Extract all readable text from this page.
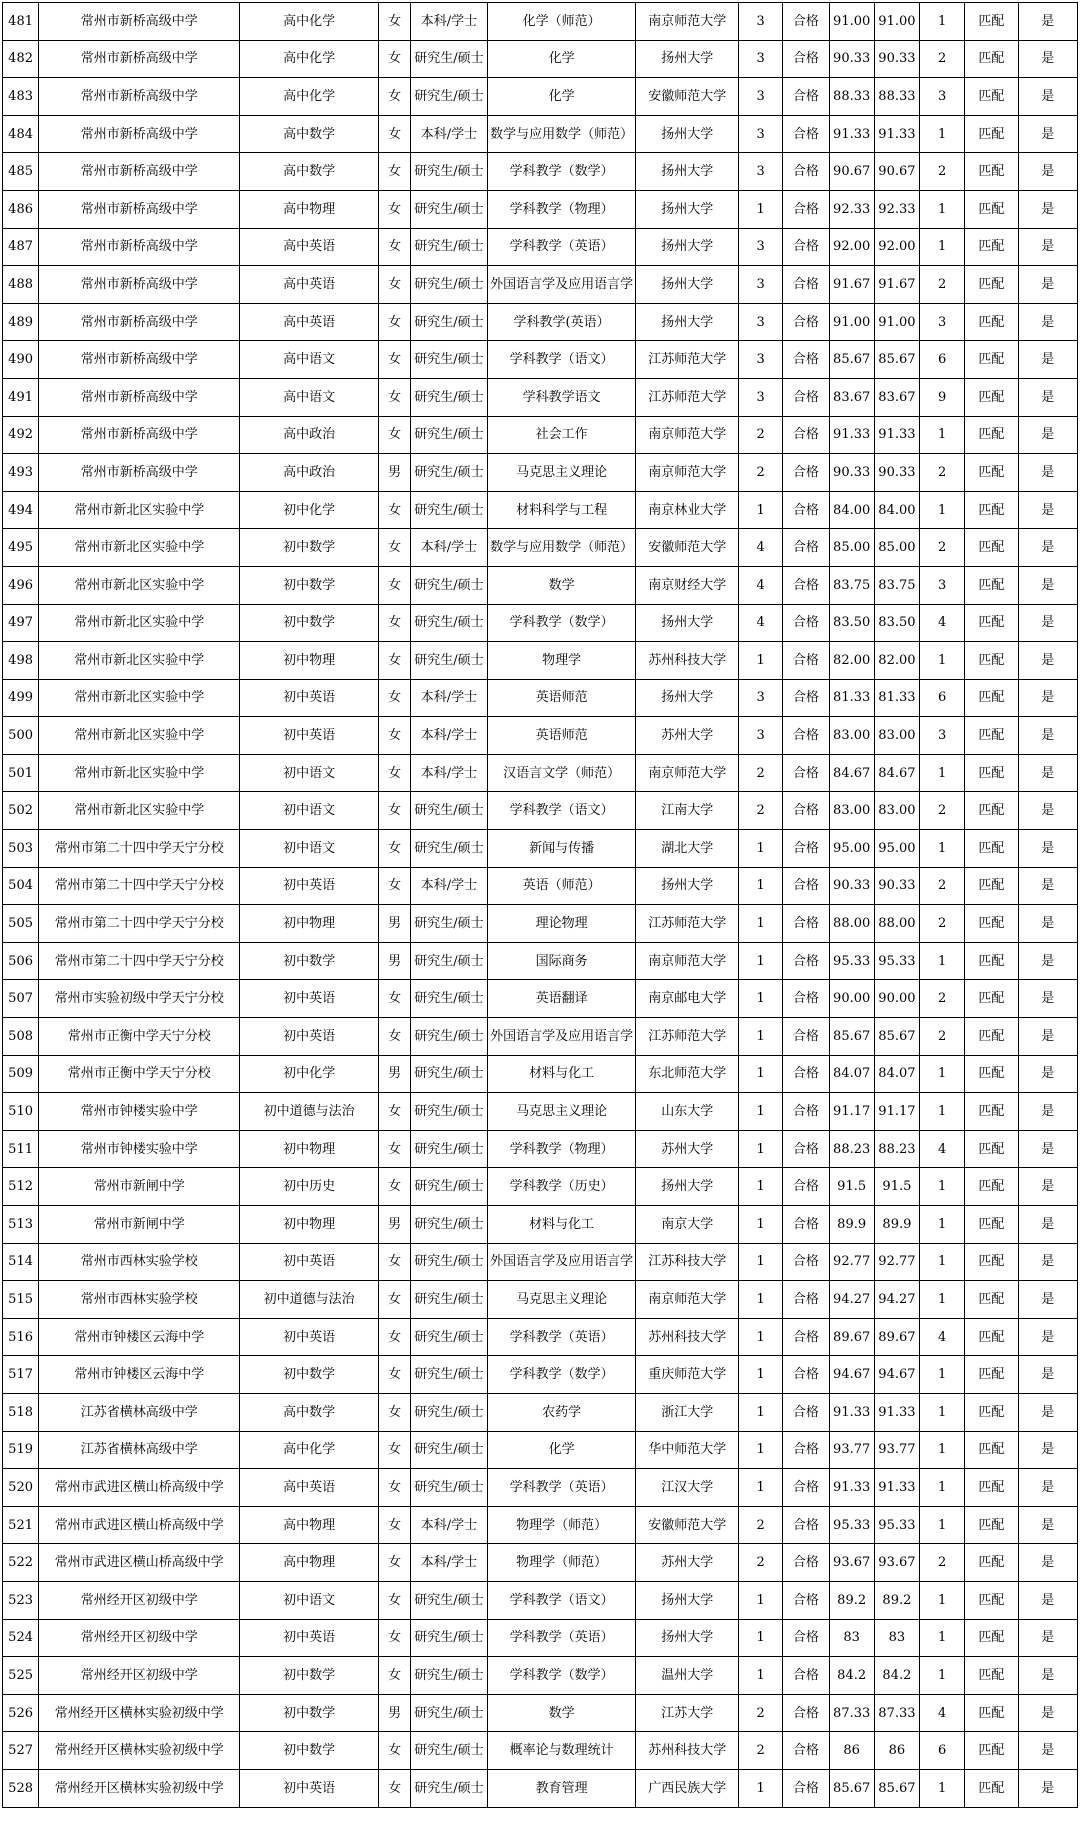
481	常州市新桥高级中学	高中化学	女	本科/学士	化学（师范）	南京师范大学	3	合格	91.00	91.00	1	匹配	是
482	常州市新桥高级中学	高中化学	女	研究生/硕士	化学	扬州大学	3	合格	90.33	90.33	2	匹配	是
483	常州市新桥高级中学	高中化学	女	研究生/硕士	化学	安徽师范大学	3	合格	88.33	88.33	3	匹配	是
484	常州市新桥高级中学	高中数学	女	本科/学士	数学与应用数学（师范）	扬州大学	3	合格	91.33	91.33	1	匹配	是
485	常州市新桥高级中学	高中数学	女	研究生/硕士	学科教学（数学）	扬州大学	3	合格	90.67	90.67	2	匹配	是
486	常州市新桥高级中学	高中物理	女	研究生/硕士	学科教学（物理）	扬州大学	1	合格	92.33	92.33	1	匹配	是
487	常州市新桥高级中学	高中英语	女	研究生/硕士	学科教学（英语）	扬州大学	3	合格	92.00	92.00	1	匹配	是
488	常州市新桥高级中学	高中英语	女	研究生/硕士	外国语言学及应用语言学	扬州大学	3	合格	91.67	91.67	2	匹配	是
489	常州市新桥高级中学	高中英语	女	研究生/硕士	学科教学(英语）	扬州大学	3	合格	91.00	91.00	3	匹配	是
490	常州市新桥高级中学	高中语文	女	研究生/硕士	学科教学（语文）	江苏师范大学	3	合格	85.67	85.67	6	匹配	是
491	常州市新桥高级中学	高中语文	女	研究生/硕士	学科教学语文	江苏师范大学	3	合格	83.67	83.67	9	匹配	是
492	常州市新桥高级中学	高中政治	女	研究生/硕士	社会工作	南京师范大学	2	合格	91.33	91.33	1	匹配	是
493	常州市新桥高级中学	高中政治	男	研究生/硕士	马克思主义理论	南京师范大学	2	合格	90.33	90.33	2	匹配	是
494	常州市新北区实验中学	初中化学	女	研究生/硕士	材料科学与工程	南京林业大学	1	合格	84.00	84.00	1	匹配	是
495	常州市新北区实验中学	初中数学	女	本科/学士	数学与应用数学（师范）	安徽师范大学	4	合格	85.00	85.00	2	匹配	是
496	常州市新北区实验中学	初中数学	女	研究生/硕士	数学	南京财经大学	4	合格	83.75	83.75	3	匹配	是
497	常州市新北区实验中学	初中数学	女	研究生/硕士	学科教学（数学）	扬州大学	4	合格	83.50	83.50	4	匹配	是
498	常州市新北区实验中学	初中物理	女	研究生/硕士	物理学	苏州科技大学	1	合格	82.00	82.00	1	匹配	是
499	常州市新北区实验中学	初中英语	女	本科/学士	英语师范	扬州大学	3	合格	81.33	81.33	6	匹配	是
500	常州市新北区实验中学	初中英语	女	本科/学士	英语师范	苏州大学	3	合格	83.00	83.00	3	匹配	是
501	常州市新北区实验中学	初中语文	女	本科/学士	汉语言文学（师范）	南京师范大学	2	合格	84.67	84.67	1	匹配	是
502	常州市新北区实验中学	初中语文	女	研究生/硕士	学科教学（语文）	江南大学	2	合格	83.00	83.00	2	匹配	是
503	常州市第二十四中学天宁分校	初中语文	女	研究生/硕士	新闻与传播	湖北大学	1	合格	95.00	95.00	1	匹配	是
504	常州市第二十四中学天宁分校	初中英语	女	本科/学士	英语（师范）	扬州大学	1	合格	90.33	90.33	2	匹配	是
505	常州市第二十四中学天宁分校	初中物理	男	研究生/硕士	理论物理	江苏师范大学	1	合格	88.00	88.00	2	匹配	是
506	常州市第二十四中学天宁分校	初中数学	男	研究生/硕士	国际商务	南京师范大学	1	合格	95.33	95.33	1	匹配	是
507	常州市实验初级中学天宁分校	初中英语	女	研究生/硕士	英语翻译	南京邮电大学	1	合格	90.00	90.00	2	匹配	是
508	常州市正衡中学天宁分校	初中英语	女	研究生/硕士	外国语言学及应用语言学	江苏师范大学	1	合格	85.67	85.67	2	匹配	是
509	常州市正衡中学天宁分校	初中化学	男	研究生/硕士	材料与化工	东北师范大学	1	合格	84.07	84.07	1	匹配	是
510	常州市钟楼实验中学	初中道德与法治	女	研究生/硕士	马克思主义理论	山东大学	1	合格	91.17	91.17	1	匹配	是
511	常州市钟楼实验中学	初中物理	女	研究生/硕士	学科教学（物理）	苏州大学	1	合格	88.23	88.23	4	匹配	是
512	常州市新闸中学	初中历史	女	研究生/硕士	学科教学（历史）	扬州大学	1	合格	91.5	91.5	1	匹配	是
513	常州市新闸中学	初中物理	男	研究生/硕士	材料与化工	南京大学	1	合格	89.9	89.9	1	匹配	是
514	常州市西林实验学校	初中英语	女	研究生/硕士	外国语言学及应用语言学	江苏科技大学	1	合格	92.77	92.77	1	匹配	是
515	常州市西林实验学校	初中道德与法治	女	研究生/硕士	马克思主义理论	南京师范大学	1	合格	94.27	94.27	1	匹配	是
516	常州市钟楼区云海中学	初中英语	女	研究生/硕士	学科教学（英语）	苏州科技大学	1	合格	89.67	89.67	4	匹配	是
517	常州市钟楼区云海中学	初中数学	女	研究生/硕士	学科教学（数学）	重庆师范大学	1	合格	94.67	94.67	1	匹配	是
518	江苏省横林高级中学	高中数学	女	研究生/硕士	农药学	浙江大学	1	合格	91.33	91.33	1	匹配	是
519	江苏省横林高级中学	高中化学	女	研究生/硕士	化学	华中师范大学	1	合格	93.77	93.77	1	匹配	是
520	常州市武进区横山桥高级中学	高中英语	女	研究生/硕士	学科教学（英语）	江汉大学	1	合格	91.33	91.33	1	匹配	是
521	常州市武进区横山桥高级中学	高中物理	女	本科/学士	物理学（师范）	安徽师范大学	2	合格	95.33	95.33	1	匹配	是
522	常州市武进区横山桥高级中学	高中物理	女	本科/学士	物理学（师范）	苏州大学	2	合格	93.67	93.67	2	匹配	是
523	常州经开区初级中学	初中语文	女	研究生/硕士	学科教学（语文）	扬州大学	1	合格	89.2	89.2	1	匹配	是
524	常州经开区初级中学	初中英语	女	研究生/硕士	学科教学（英语）	扬州大学	1	合格	83	83	1	匹配	是
525	常州经开区初级中学	初中数学	女	研究生/硕士	学科教学（数学）	温州大学	1	合格	84.2	84.2	1	匹配	是
526	常州经开区横林实验初级中学	初中数学	男	研究生/硕士	数学	江苏大学	2	合格	87.33	87.33	4	匹配	是
527	常州经开区横林实验初级中学	初中数学	女	研究生/硕士	概率论与数理统计	苏州科技大学	2	合格	86	86	6	匹配	是
528	常州经开区横林实验初级中学	初中英语	女	研究生/硕士	教育管理	广西民族大学	1	合格	85.67	85.67	1	匹配	是
